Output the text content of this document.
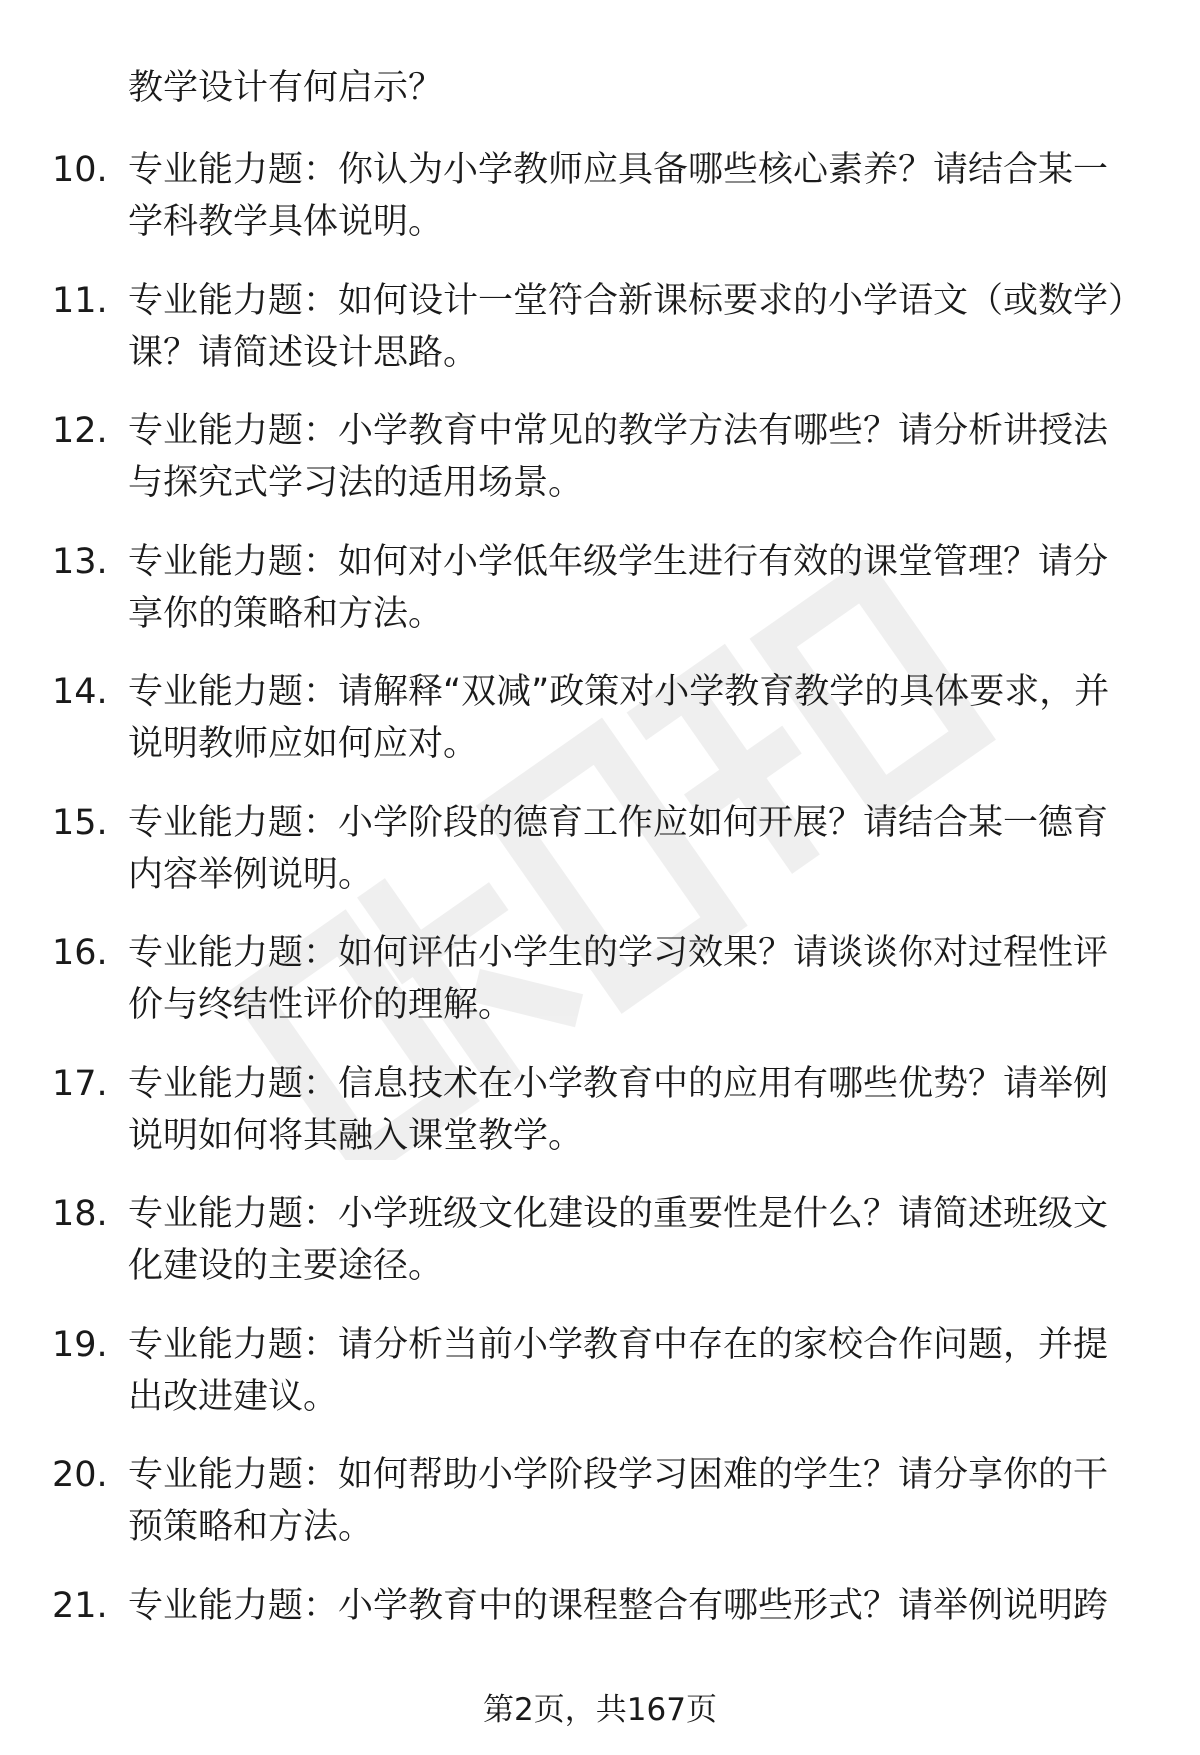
教学设计有何启示？

10. 专业能力题：你认为小学教师应具备哪些核心素养？请结合某一学科教学具体说明。
11. 专业能力题：如何设计一堂符合新课标要求的小学语文（或数学）课？请简述设计思路。
12. 专业能力题：小学教育中常见的教学方法有哪些？请分析讲授法与探究式学习法的适用场景。
13. 专业能力题：如何对小学低年级学生进行有效的课堂管理？请分享你的策略和方法。
14. 专业能力题：请解释“双减”政策对小学教育教学的具体要求，并说明教师应如何应对。
15. 专业能力题：小学阶段的德育工作应如何开展？请结合某一德育内容举例说明。
16. 专业能力题：如何评估小学生的学习效果？请谈谈你对过程性评价与终结性评价的理解。
17. 专业能力题：信息技术在小学教育中的应用有哪些优势？请举例说明如何将其融入课堂教学。
18. 专业能力题：小学班级文化建设的重要性是什么？请简述班级文化建设的主要途径。
19. 专业能力题：请分析当前小学教育中存在的家校合作问题，并提出改进建议。
20. 专业能力题：如何帮助小学阶段学习困难的学生？请分享你的干预策略和方法。
21. 专业能力题：小学教育中的课程整合有哪些形式？请举例说明跨
第2页，共167页
